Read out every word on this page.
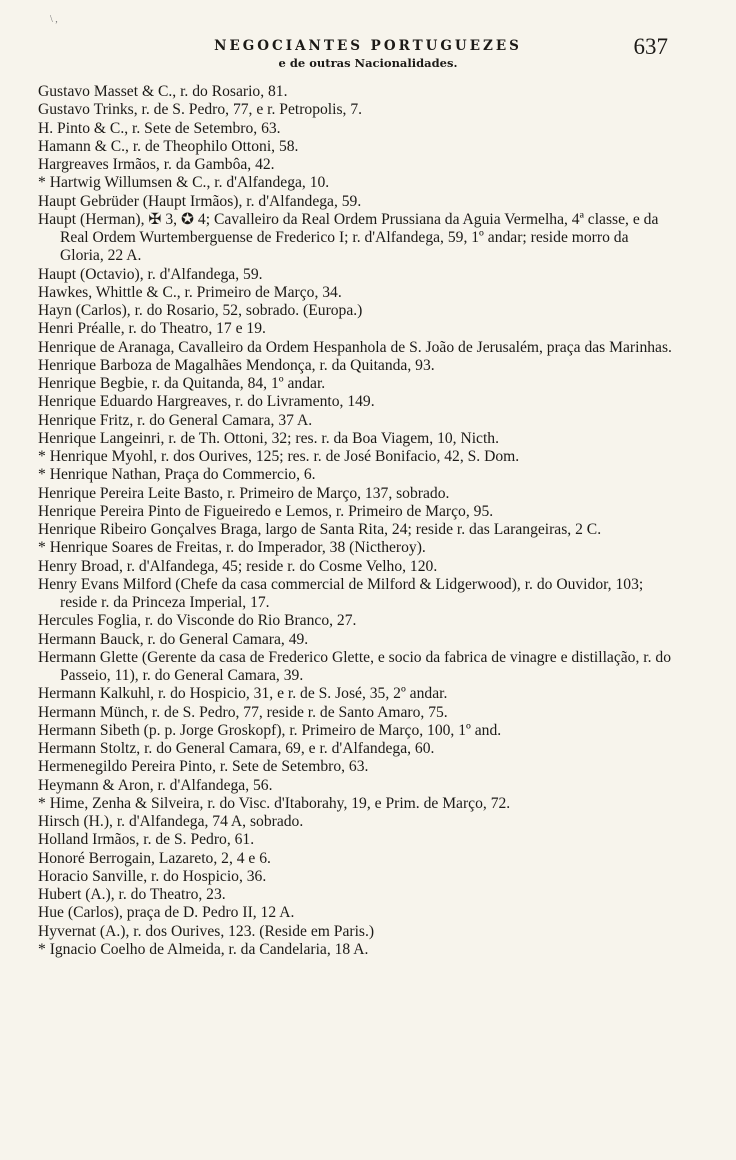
\ ,
NEGOCIANTES PORTUGUEZES
e de outras Nacionalidades.
637

Gustavo Masset & C., r. do Rosario, 81.

Gustavo Trinks, r. de S. Pedro, 77, e r. Petropolis, 7.

H. Pinto & C., r. Sete de Setembro, 63.

Hamann & C., r. de Theophilo Ottoni, 58.

Hargreaves Irmãos, r. da Gambôa, 42.

* Hartwig Willumsen & C., r. d'Alfandega, 10.

Haupt Gebrüder (Haupt Irmãos), r. d'Alfandega, 59.

Haupt (Herman), ✠ 3, ✪ 4; Cavalleiro da Real Ordem Prussiana da Aguia Vermelha, 4ª classe, e da Real Ordem Wurtemberguense de Frederico I; r. d'Alfandega, 59, 1º andar; reside morro da Gloria, 22 A.

Haupt (Octavio), r. d'Alfandega, 59.

Hawkes, Whittle & C., r. Primeiro de Março, 34.

Hayn (Carlos), r. do Rosario, 52, sobrado. (Europa.)

Henri Préalle, r. do Theatro, 17 e 19.

Henrique de Aranaga, Cavalleiro da Ordem Hespanhola de S. João de Jerusalém, praça das Marinhas.

Henrique Barboza de Magalhães Mendonça, r. da Quitanda, 93.

Henrique Begbie, r. da Quitanda, 84, 1º andar.

Henrique Eduardo Hargreaves, r. do Livramento, 149.

Henrique Fritz, r. do General Camara, 37 A.

Henrique Langeinri, r. de Th. Ottoni, 32; res. r. da Boa Viagem, 10, Nicth.

* Henrique Myohl, r. dos Ourives, 125; res. r. de José Bonifacio, 42, S. Dom.

* Henrique Nathan, Praça do Commercio, 6.

Henrique Pereira Leite Basto, r. Primeiro de Março, 137, sobrado.

Henrique Pereira Pinto de Figueiredo e Lemos, r. Primeiro de Março, 95.

Henrique Ribeiro Gonçalves Braga, largo de Santa Rita, 24; reside r. das Larangeiras, 2 C.

* Henrique Soares de Freitas, r. do Imperador, 38 (Nictheroy).

Henry Broad, r. d'Alfandega, 45; reside r. do Cosme Velho, 120.

Henry Evans Milford (Chefe da casa commercial de Milford & Lidgerwood), r. do Ouvidor, 103; reside r. da Princeza Imperial, 17.

Hercules Foglia, r. do Visconde do Rio Branco, 27.

Hermann Bauck, r. do General Camara, 49.

Hermann Glette (Gerente da casa de Frederico Glette, e socio da fabrica de vinagre e distillação, r. do Passeio, 11), r. do General Camara, 39.

Hermann Kalkuhl, r. do Hospicio, 31, e r. de S. José, 35, 2º andar.

Hermann Münch, r. de S. Pedro, 77, reside r. de Santo Amaro, 75.

Hermann Sibeth (p. p. Jorge Groskopf), r. Primeiro de Março, 100, 1º and.

Hermann Stoltz, r. do General Camara, 69, e r. d'Alfandega, 60.

Hermenegildo Pereira Pinto, r. Sete de Setembro, 63.

Heymann & Aron, r. d'Alfandega, 56.

* Hime, Zenha & Silveira, r. do Visc. d'Itaborahy, 19, e Prim. de Março, 72.

Hirsch (H.), r. d'Alfandega, 74 A, sobrado.

Holland Irmãos, r. de S. Pedro, 61.

Honoré Berrogain, Lazareto, 2, 4 e 6.

Horacio Sanville, r. do Hospicio, 36.

Hubert (A.), r. do Theatro, 23.

Hue (Carlos), praça de D. Pedro II, 12 A.

Hyvernat (A.), r. dos Ourives, 123. (Reside em Paris.)

* Ignacio Coelho de Almeida, r. da Candelaria, 18 A.
